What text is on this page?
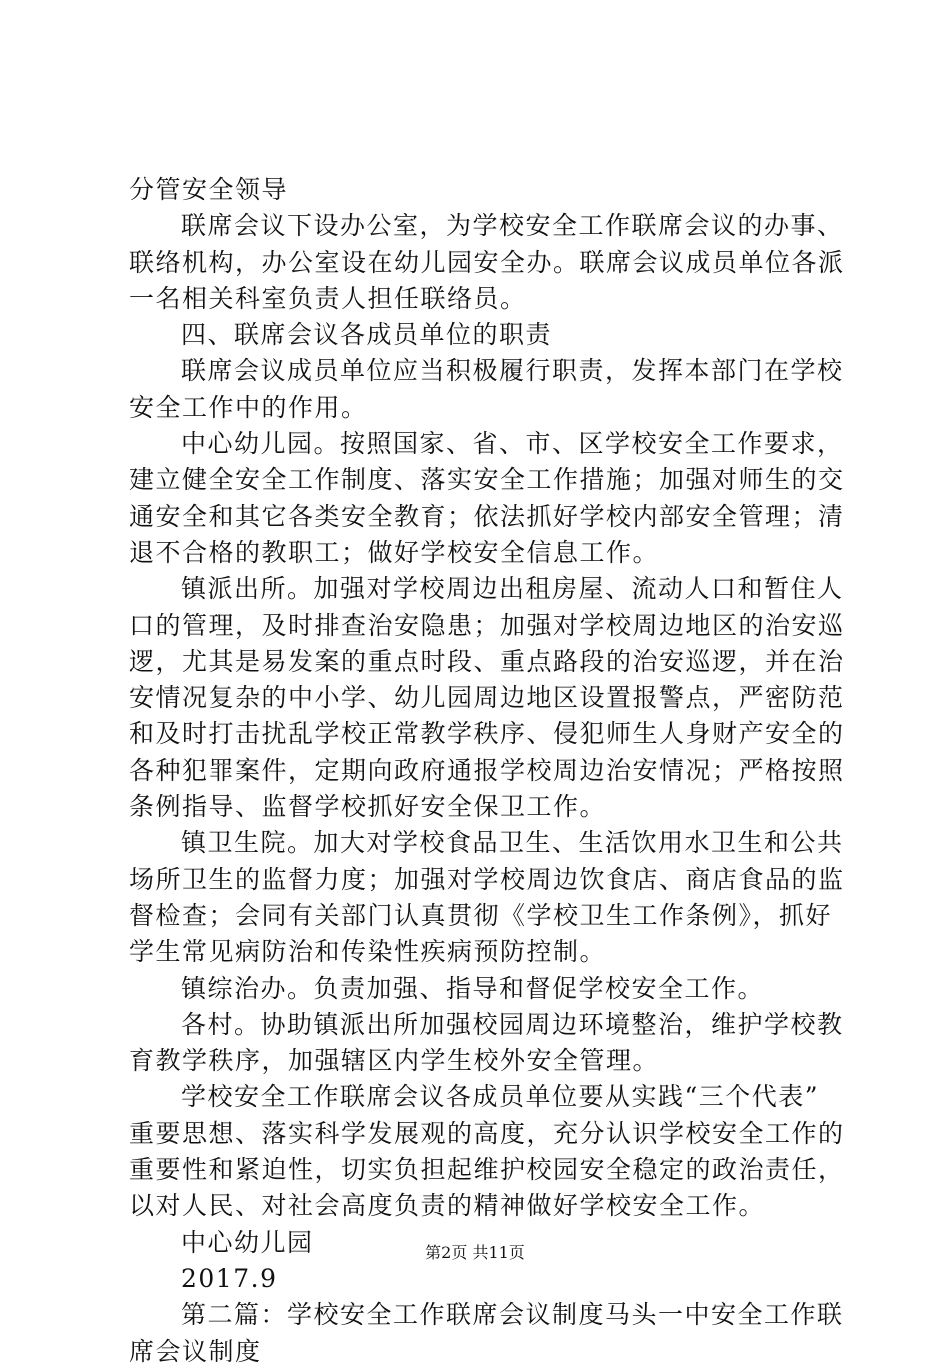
分管安全领导
联席会议下设办公室，为学校安全工作联席会议的办事、
联络机构，办公室设在幼儿园安全办。联席会议成员单位各派
一名相关科室负责人担任联络员。
四、联席会议各成员单位的职责
联席会议成员单位应当积极履行职责，发挥本部门在学校
安全工作中的作用。
中心幼儿园。按照国家、省、市、区学校安全工作要求，
建立健全安全工作制度、落实安全工作措施；加强对师生的交
通安全和其它各类安全教育；依法抓好学校内部安全管理；清
退不合格的教职工；做好学校安全信息工作。
镇派出所。加强对学校周边出租房屋、流动人口和暂住人
口的管理，及时排查治安隐患；加强对学校周边地区的治安巡
逻，尤其是易发案的重点时段、重点路段的治安巡逻，并在治
安情况复杂的中小学、幼儿园周边地区设置报警点，严密防范
和及时打击扰乱学校正常教学秩序、侵犯师生人身财产安全的
各种犯罪案件，定期向政府通报学校周边治安情况；严格按照
条例指导、监督学校抓好安全保卫工作。
镇卫生院。加大对学校食品卫生、生活饮用水卫生和公共
场所卫生的监督力度；加强对学校周边饮食店、商店食品的监
督检查；会同有关部门认真贯彻《学校卫生工作条例》，抓好
学生常见病防治和传染性疾病预防控制。
镇综治办。负责加强、指导和督促学校安全工作。
各村。协助镇派出所加强校园周边环境整治，维护学校教
育教学秩序，加强辖区内学生校外安全管理。
学校安全工作联席会议各成员单位要从实践“三个代表”
重要思想、落实科学发展观的高度，充分认识学校安全工作的
重要性和紧迫性，切实负担起维护校园安全稳定的政治责任，
以对人民、对社会高度负责的精神做好学校安全工作。
中心幼儿园
2017.9
第二篇：学校安全工作联席会议制度马头一中安全工作联
席会议制度
第2页 共11页
